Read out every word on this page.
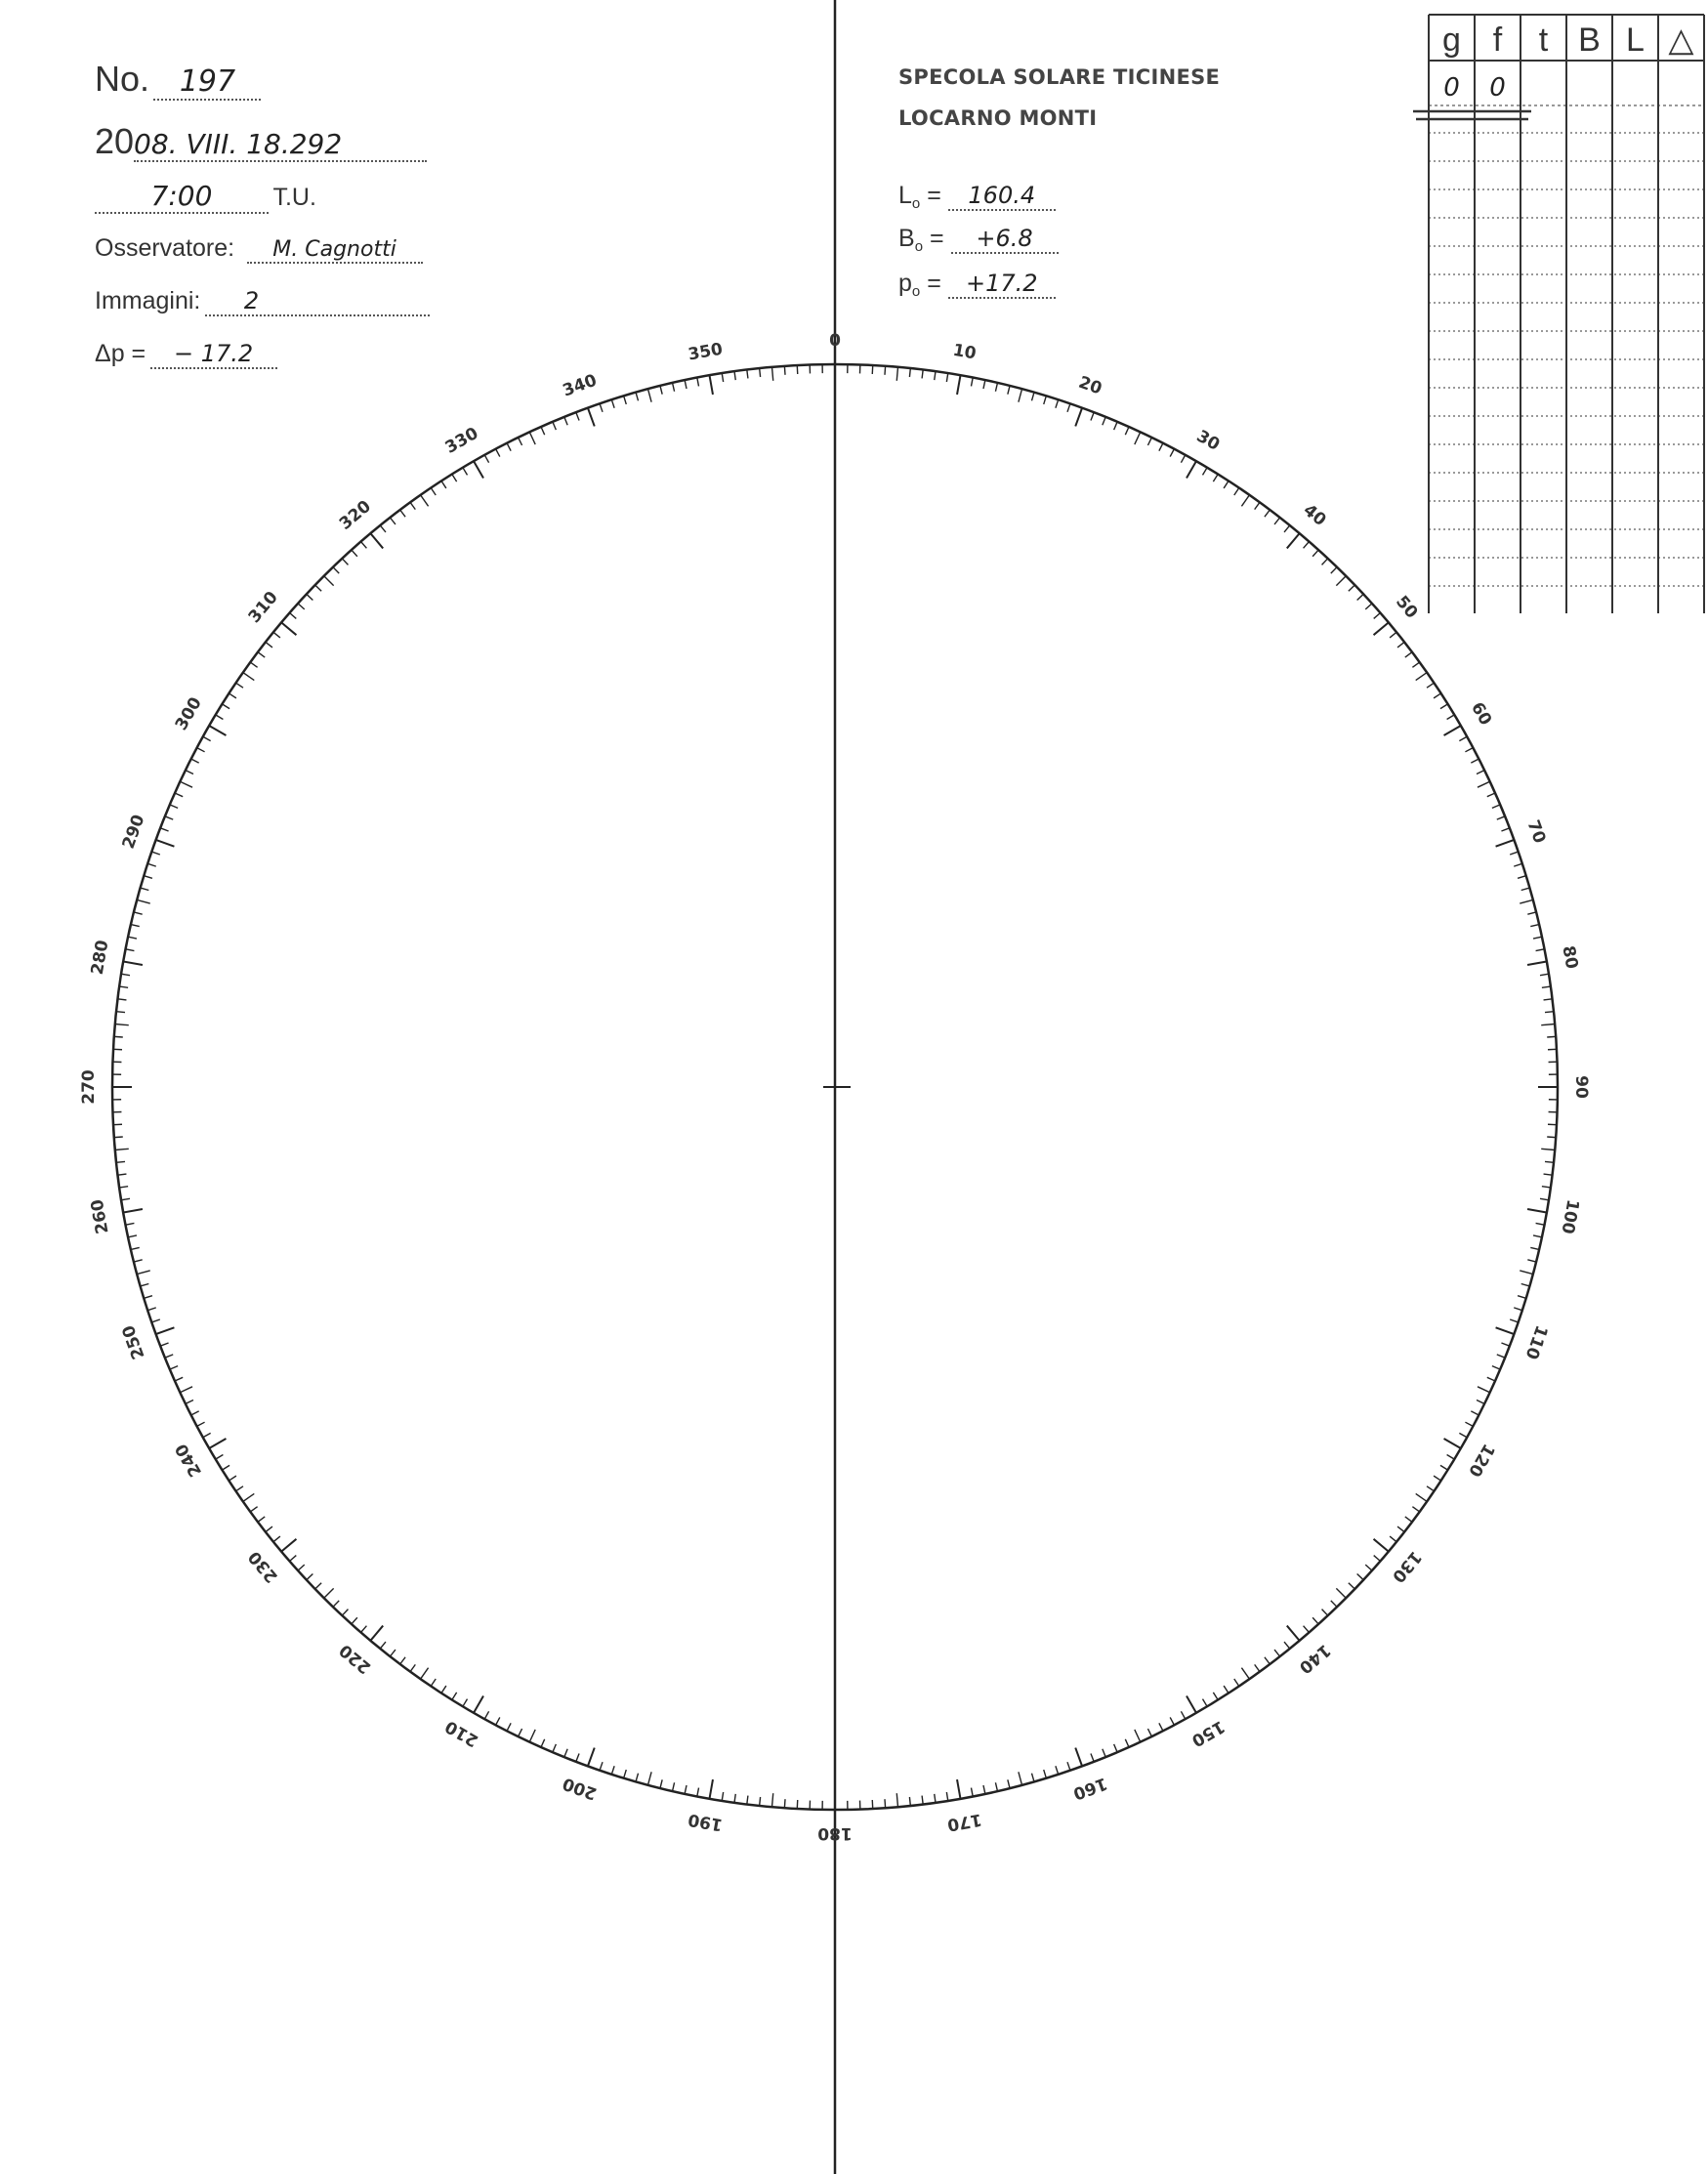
No. 197
2008. VIII. 18.292
7:00 T.U.
Osservatore: M. Cagnotti
Immagini: 2
Δp = − 17.2
SPECOLA SOLARE TICINESE
LOCARNO MONTI
$L_o = 160.4$
$B_o = +6.8$
$p_o = +17.2$
g f t B L △
0 0
0	10
20
30
40
50
60
70
80
90
100
110
120
130
140
150
160
170
180
190
200
210
220
230
240
250
260
270
280
290
300
310
320
330
340
350
